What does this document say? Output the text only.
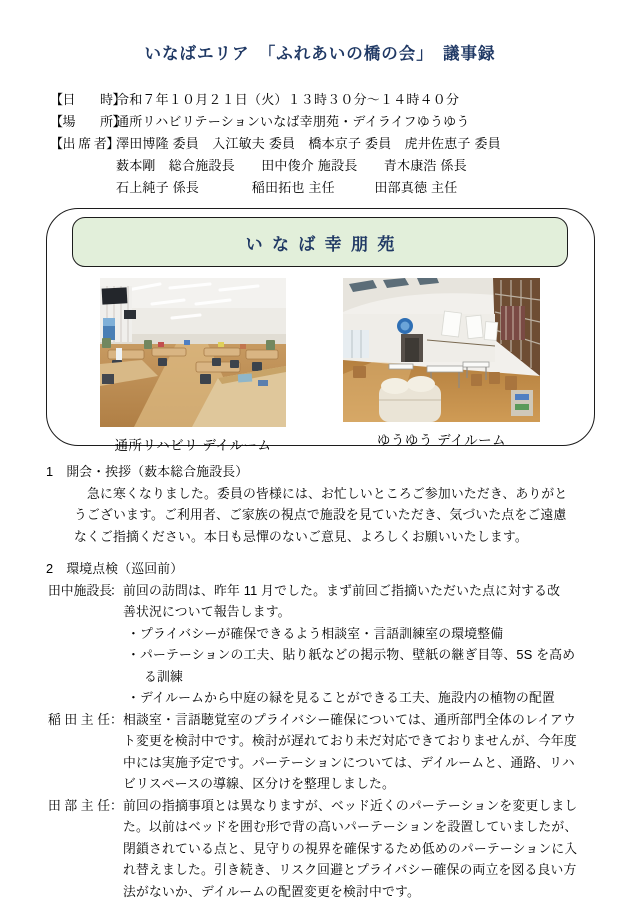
いなばエリア　「ふれあいの橋の会」　議事録
【日　　時】令和７年１０月２１日（火）１３時３０分～１４時４０分
【場　　所】通所リハビリテーションいなば幸朋苑・デイライフゆうゆう
【出 席 者】澤田博隆 委員　入江敏夫 委員　橋本京子 委員　虎井佐恵子 委員
薮本剛　総合施設長　　田中俊介 施設長　　青木康浩 係長
石上純子 係長　　　　稲田拓也 主任　　　田部真徳 主任
いなば幸朋苑
通所リハビリ デイルーム	ゆうゆう デイルーム
1　開会・挨拶（薮本総合施設長）
　急に寒くなりました。委員の皆様には、お忙しいところご参加いただき、ありがと
うございます。ご利用者、ご家族の視点で施設を見ていただき、気づいた点をご遠慮
なくご指摘ください。本日も忌憚のないご意見、よろしくお願いいたします。
2　環境点検（巡回前）
田中施設長： 前回の訪問は、昨年 11 月でした。まず前回ご指摘いただいた点に対する改
善状況について報告します。
・プライバシーが確保できるよう相談室・言語訓練室の環境整備
・パーテーションの工夫、貼り紙などの掲示物、壁紙の継ぎ目等、5S を高め
る訓練
・デイルームから中庭の緑を見ることができる工夫、施設内の植物の配置
稲田主任： 相談室・言語聴覚室のプライバシー確保については、通所部門全体のレイアウ
ト変更を検討中です。検討が遅れており未だ対応できておりませんが、今年度
中には実施予定です。パーテーションについては、デイルームと、通路、リハ
ビリスペースの導線、区分けを整理しました。
田部主任： 前回の指摘事項とは異なりますが、ベッド近くのパーテーションを変更しまし
た。以前はベッドを囲む形で背の高いパーテーションを設置していましたが、
閉鎖されている点と、見守りの視界を確保するため低めのパーテーションに入
れ替えました。引き続き、リスク回避とプライバシー確保の両立を図る良い方
法がないか、デイルームの配置変更を検討中です。
